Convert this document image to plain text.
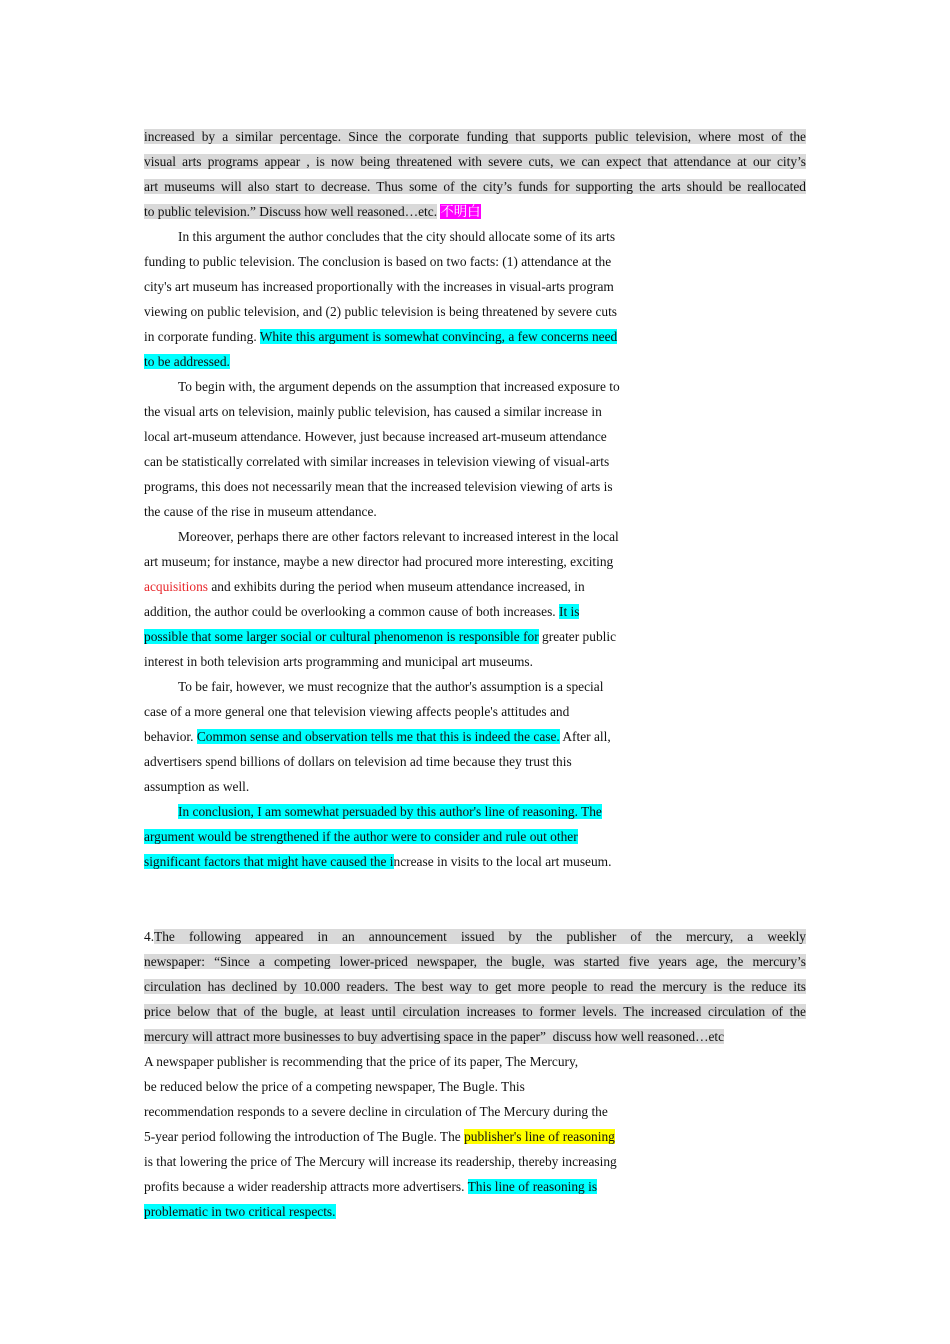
increased by a similar percentage. Since the corporate funding that supports public television, where most of the
visual arts programs appear , is now being threatened with severe cuts, we can expect that attendance at our city’s
art museums will also start to decrease. Thus some of the city’s funds for supporting the arts should be reallocated
to public television.” Discuss how well reasoned…etc. 不明白
In this argument the author concludes that the city should allocate some of its arts
funding to public television. The conclusion is based on two facts: (1) attendance at the
city's art museum has increased proportionally with the increases in visual-arts program
viewing on public television, and (2) public television is being threatened by severe cuts
in corporate funding. White this argument is somewhat convincing, a few concerns need
to be addressed.
To begin with, the argument depends on the assumption that increased exposure to
the visual arts on television, mainly public television, has caused a similar increase in
local art-museum attendance. However, just because increased art-museum attendance
can be statistically correlated with similar increases in television viewing of visual-arts
programs, this does not necessarily mean that the increased television viewing of arts is
the cause of the rise in museum attendance.
Moreover, perhaps there are other factors relevant to increased interest in the local
art museum; for instance, maybe a new director had procured more interesting, exciting
acquisitions and exhibits during the period when museum attendance increased, in
addition, the author could be overlooking a common cause of both increases. It is
possible that some larger social or cultural phenomenon is responsible for greater public
interest in both television arts programming and municipal art museums.
To be fair, however, we must recognize that the author's assumption is a special
case of a more general one that television viewing affects people's attitudes and
behavior. Common sense and observation tells me that this is indeed the case. After all,
advertisers spend billions of dollars on television ad time because they trust this
assumption as well.
In conclusion, I am somewhat persuaded by this author's line of reasoning. The
argument would be strengthened if the author were to consider and rule out other
significant factors that might have caused the increase in visits to the local art museum.
4.The following appeared in an announcement issued by the publisher of the mercury, a weekly
newspaper: “Since a competing lower-priced newspaper, the bugle, was started five years age, the mercury’s
circulation has declined by 10.000 readers. The best way to get more people to read the mercury is the reduce its
price below that of the bugle, at least until circulation increases to former levels. The increased circulation of the
mercury will attract more businesses to buy advertising space in the paper”  discuss how well reasoned…etc
A newspaper publisher is recommending that the price of its paper, The Mercury,
be reduced below the price of a competing newspaper, The Bugle. This
recommendation responds to a severe decline in circulation of The Mercury during the
5-year period following the introduction of The Bugle. The publisher's line of reasoning
is that lowering the price of The Mercury will increase its readership, thereby increasing
profits because a wider readership attracts more advertisers. This line of reasoning is
problematic in two critical respects.
